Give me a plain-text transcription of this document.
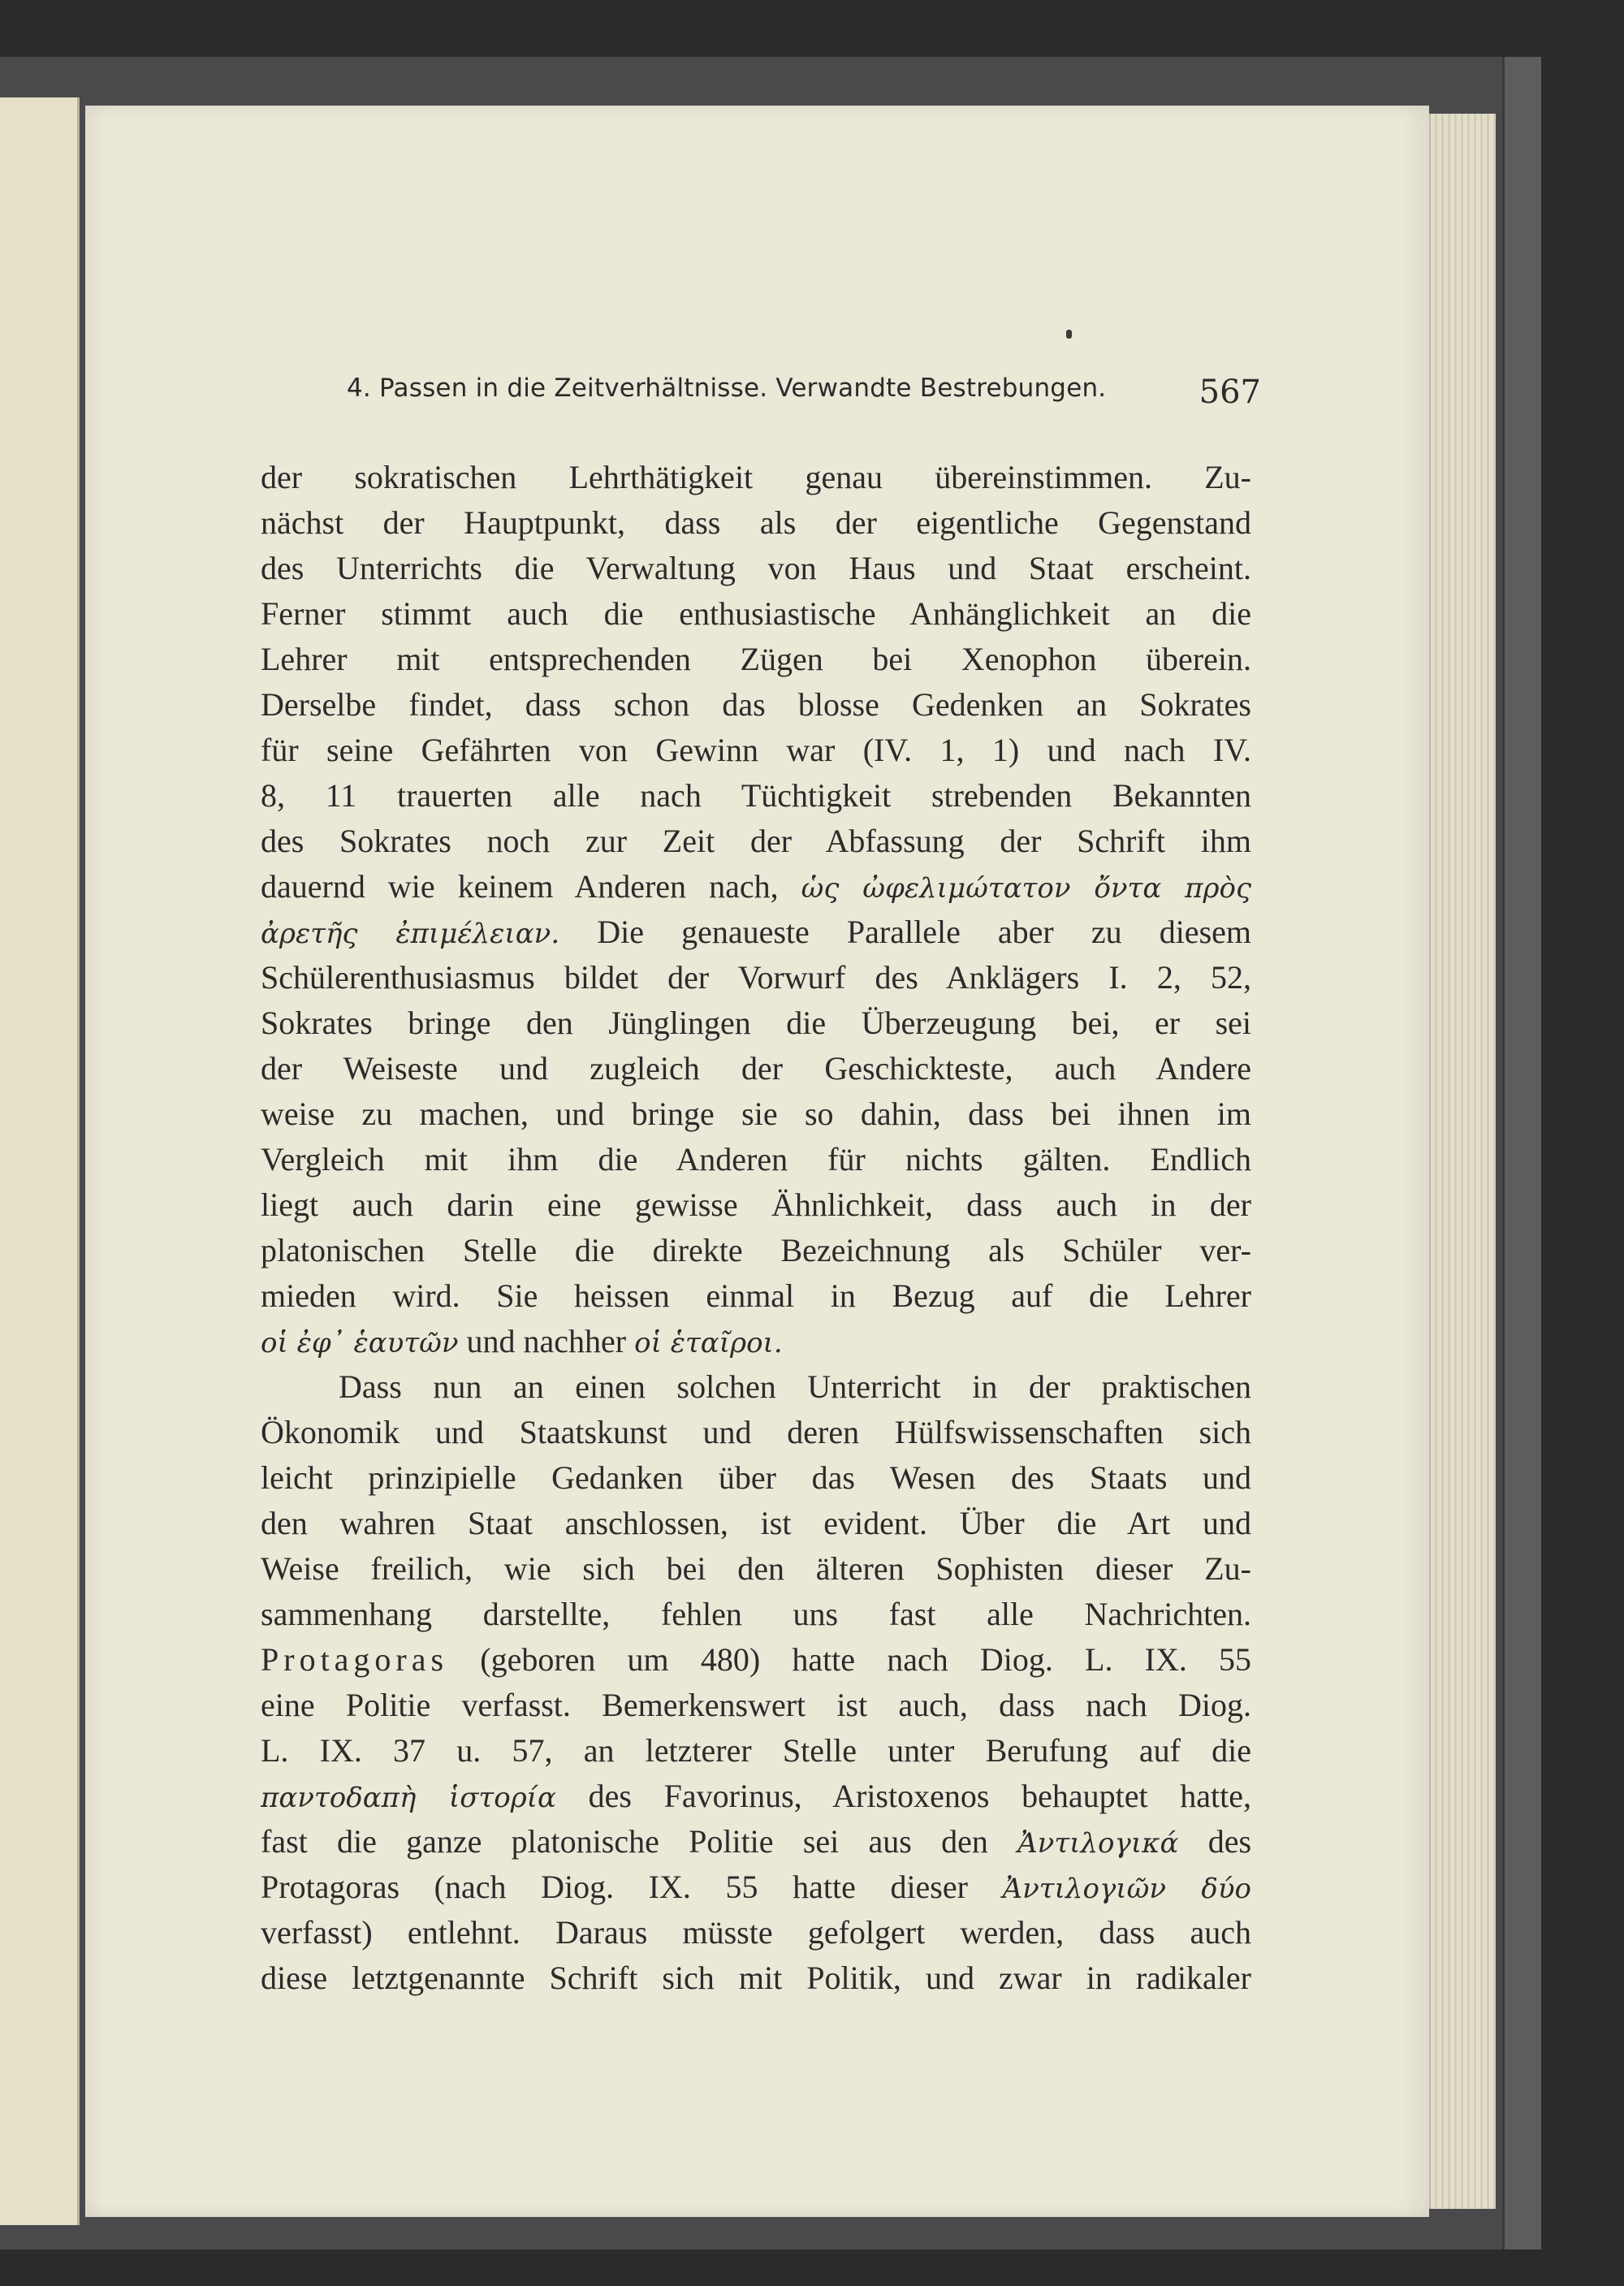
4. Passen in die Zeitverhältnisse. Verwandte Bestrebungen.	567
der sokratischen Lehrthätigkeit genau übereinstimmen. Zu-
nächst der Hauptpunkt, dass als der eigentliche Gegenstand
des Unterrichts die Verwaltung von Haus und Staat erscheint.
Ferner stimmt auch die enthusiastische Anhänglichkeit an die
Lehrer mit entsprechenden Zügen bei Xenophon überein.
Derselbe findet, dass schon das blosse Gedenken an Sokrates
für seine Gefährten von Gewinn war (IV. 1, 1) und nach IV.
8, 11 trauerten alle nach Tüchtigkeit strebenden Bekannten
des Sokrates noch zur Zeit der Abfassung der Schrift ihm
dauernd wie keinem Anderen nach, ὡς ὠφελιμώτατον ὄντα πρὸς
ἀρετῆς ἐπιμέλειαν. Die genaueste Parallele aber zu diesem
Schülerenthusiasmus bildet der Vorwurf des Anklägers I. 2, 52,
Sokrates bringe den Jünglingen die Überzeugung bei, er sei
der Weiseste und zugleich der Geschickteste, auch Andere
weise zu machen, und bringe sie so dahin, dass bei ihnen im
Vergleich mit ihm die Anderen für nichts gälten. Endlich
liegt auch darin eine gewisse Ähnlichkeit, dass auch in der
platonischen Stelle die direkte Bezeichnung als Schüler ver-
mieden wird. Sie heissen einmal in Bezug auf die Lehrer
οἱ ἐφ᾿ ἑαυτῶν und nachher οἱ ἑταῖροι.
Dass nun an einen solchen Unterricht in der praktischen
Ökonomik und Staatskunst und deren Hülfswissenschaften sich
leicht prinzipielle Gedanken über das Wesen des Staats und
den wahren Staat anschlossen, ist evident. Über die Art und
Weise freilich, wie sich bei den älteren Sophisten dieser Zu-
sammenhang darstellte, fehlen uns fast alle Nachrichten.
Protagoras (geboren um 480) hatte nach Diog. L. IX. 55
eine Politie verfasst. Bemerkenswert ist auch, dass nach Diog.
L. IX. 37 u. 57, an letzterer Stelle unter Berufung auf die
παντοδαπὴ ἱστορία des Favorinus, Aristoxenos behauptet hatte,
fast die ganze platonische Politie sei aus den Ἀντιλογικά des
Protagoras (nach Diog. IX. 55 hatte dieser Ἀντιλογιῶν δύο
verfasst) entlehnt. Daraus müsste gefolgert werden, dass auch
diese letztgenannte Schrift sich mit Politik, und zwar in radikaler
